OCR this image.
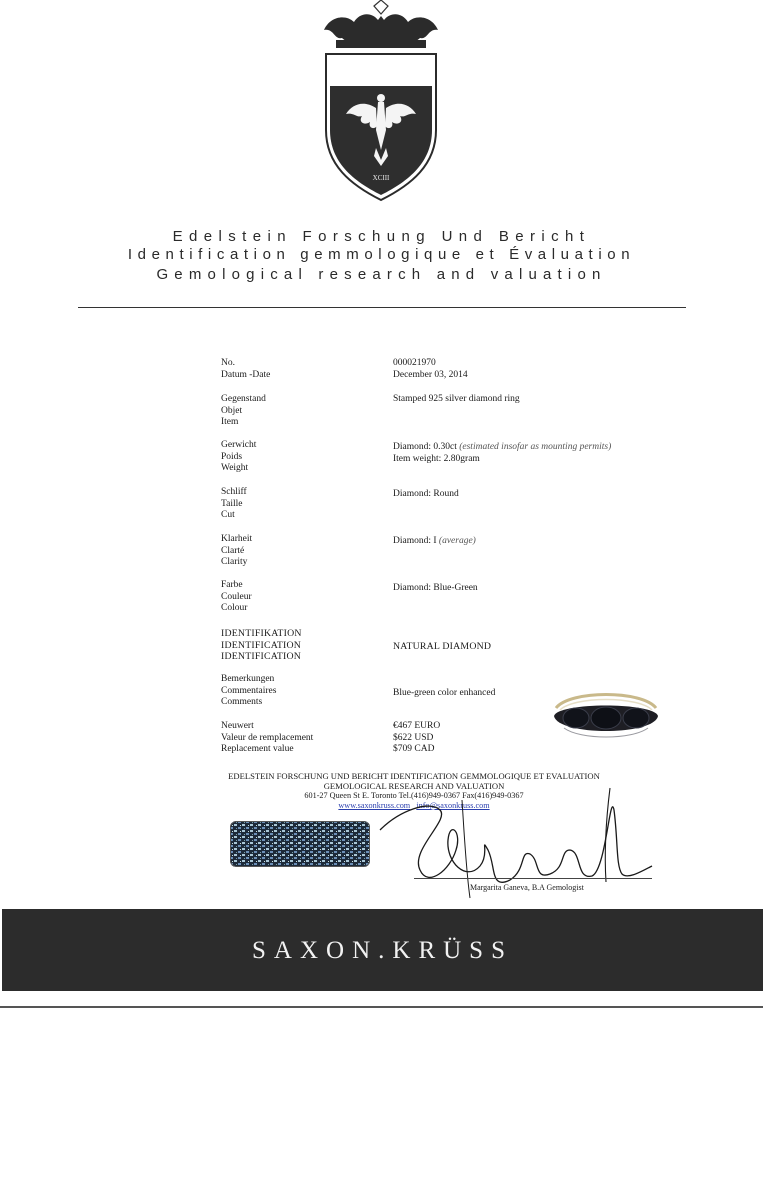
XCIII
Edelstein Forschung Und Bericht
Identification gemmologique et Évaluation
Gemological research and valuation
No.
Datum -Date
000021970
December 03, 2014
Gegenstand
Objet
Item
Stamped 925 silver diamond ring
Gerwicht
Poids
Weight
Diamond: 0.30ct (estimated insofar as mounting permits)
Item weight: 2.80gram
Schliff
Taille
Cut
Diamond: Round
Klarheit
Clarté
Clarity
Diamond: I (average)
Farbe
Couleur
Colour
Diamond: Blue-Green
IDENTIFIKATION
IDENTIFICATION
IDENTIFICATION
NATURAL DIAMOND
Bemerkungen
Commentaires
Comments
Blue-green color enhanced
Neuwert
Valeur de remplacement
Replacement value
€467 EURO
$622 USD
$709 CAD
EDELSTEIN FORSCHUNG UND BERICHT IDENTIFICATION GEMMOLOGIQUE ET EVALUATION
GEMOLOGICAL RESEARCH AND VALUATION
601-27 Queen St E. Toronto Tel.(416)949-0367 Fax(416)949-0367
www.saxonkruss.com info@saxonkruss.com
Margarita Ganeva, B.A Gemologist
SAXON.KRÜSS
